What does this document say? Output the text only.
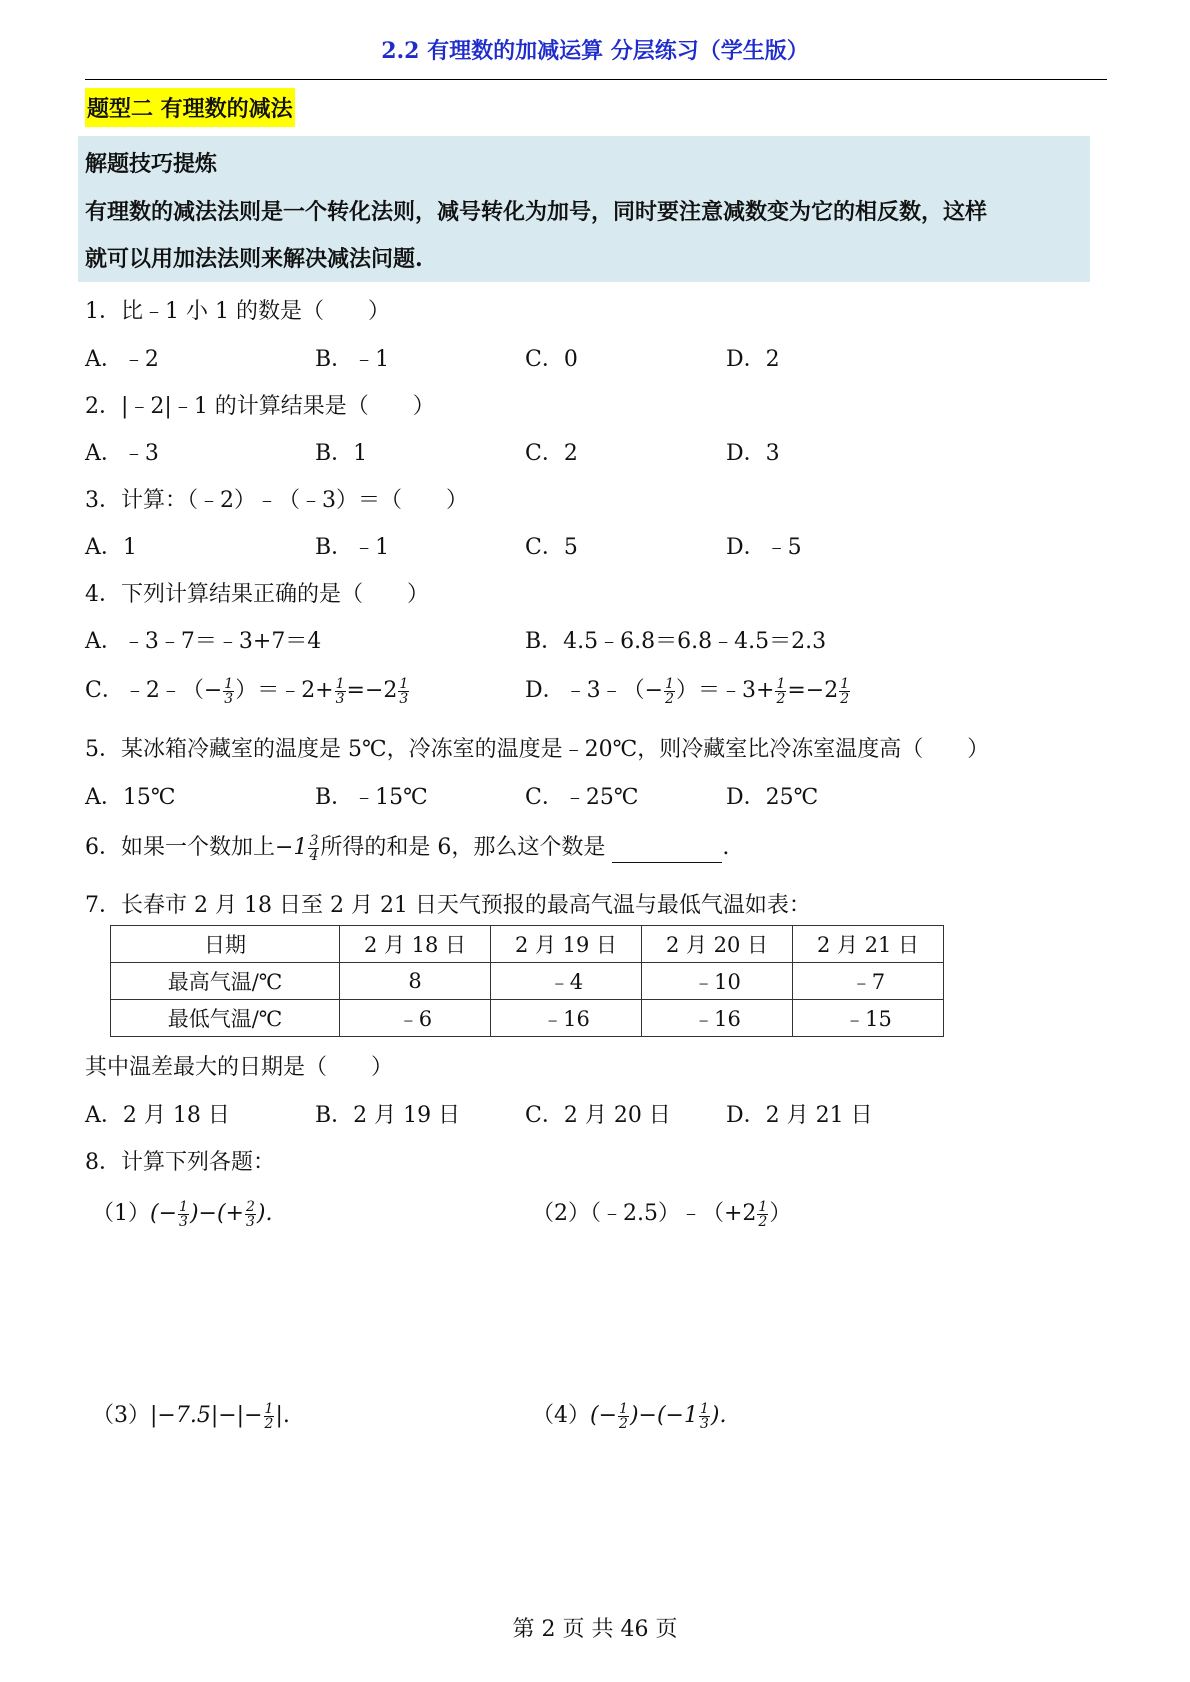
2.2 有理数的加减运算 分层练习（学生版）
题型二 有理数的减法
解题技巧提炼
有理数的减法法则是一个转化法则，减号转化为加号，同时要注意减数变为它的相反数，这样
就可以用加法法则来解决减法问题.
1．比﹣1 小 1 的数是（　　）
A．﹣2	B．﹣1	C．0	D．2
2．|﹣2|﹣1 的计算结果是（　　）
A．﹣3	B．1	C．2	D．3
3．计算：（﹣2）﹣（﹣3）＝（　　）
A．1	B．﹣1	C．5	D．﹣5
4．下列计算结果正确的是（　　）
A．﹣3﹣7＝﹣3+7＝4	B．4.5﹣6.8＝6.8﹣4.5＝2.3
C．﹣2﹣（− $\frac{1}{3}$ ）＝﹣2+ $\frac{1}{3} =-2 \frac{1}{3}$	D．﹣3﹣（− $\frac{1}{2}$ ）＝﹣3+ $\frac{1}{2} =-2 \frac{1}{2}$
5．某冰箱冷藏室的温度是 5℃，冷冻室的温度是﹣20℃，则冷藏室比冷冻室温度高（　　）
A．15℃	B．﹣15℃	C．﹣25℃	D．25℃
6．如果一个数加上$-1 \frac{3}{4}$ 所得的和是 6，那么这个数是	.
7．长春市 2 月 18 日至 2 月 21 日天气预报的最高气温与最低气温如表：
日期	2 月 18 日	2 月 19 日	2 月 20 日	2 月 21 日
最高气温/℃	8	﹣4	﹣10	﹣7
最低气温/℃	﹣6	﹣16	﹣16	﹣15
其中温差最大的日期是（　　）
A．2 月 18 日	B．2 月 19 日	C．2 月 20 日	D．2 月 21 日
8．计算下列各题：
$(1)(- \frac{1}{3}$ )−(+ $\frac{2}{3}$ ).	（2）（﹣2.5）﹣（+2 $\frac{1}{2}$ ）
$(3)|-7.5|-|- \frac{1}{2}$ |.	$(4)(- \frac{1}{2} )-(-1 \frac{1}{3}$ ).
第 2 页 共 46 页
